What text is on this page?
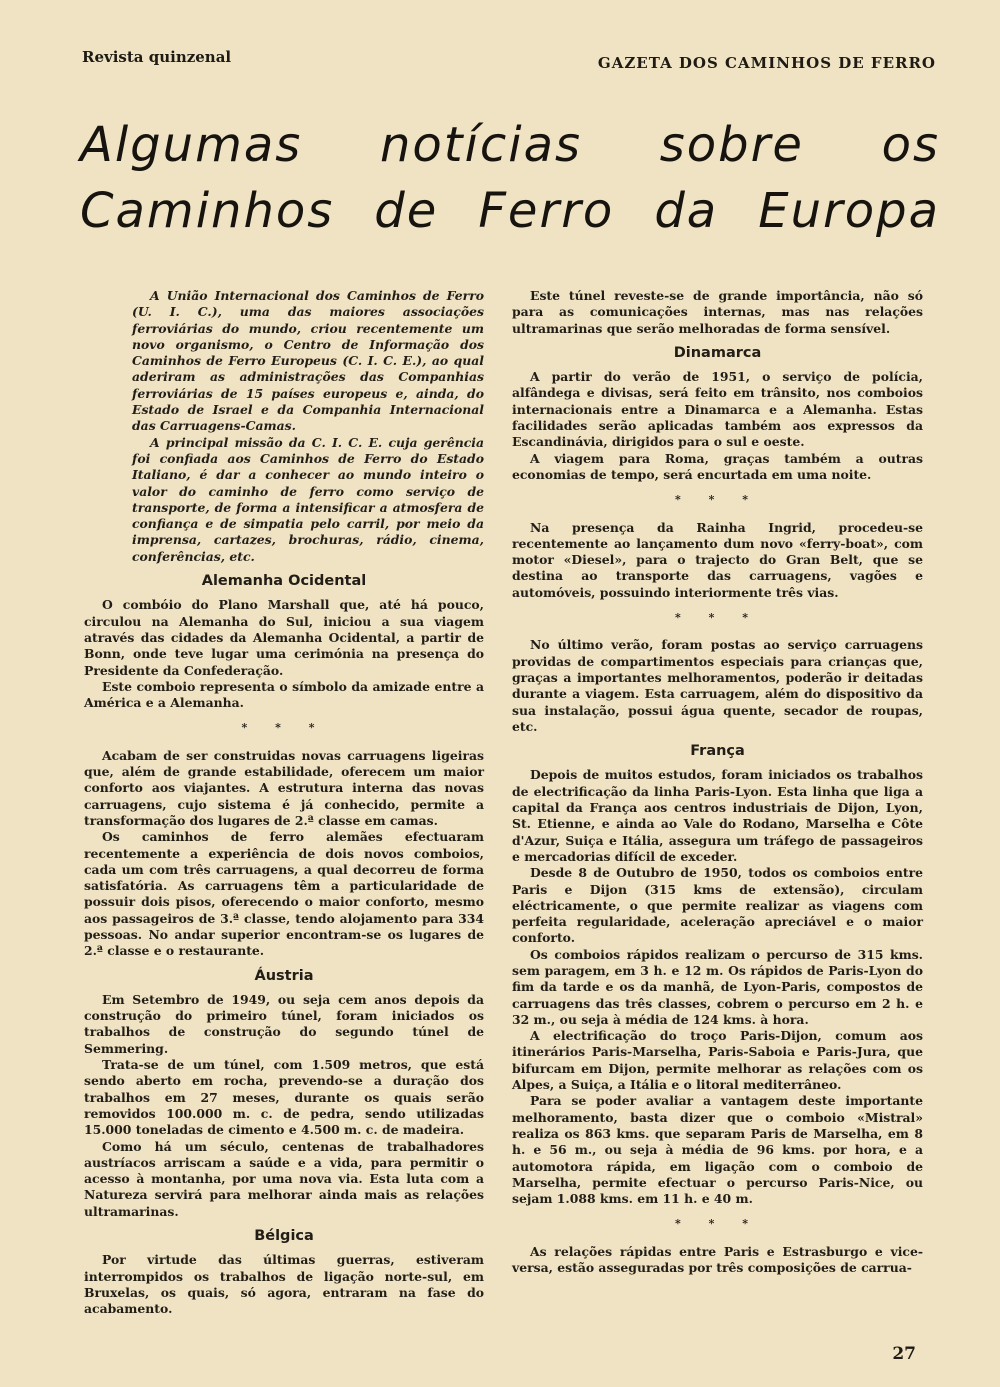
Revista quinzenal	GAZETA DOS CAMINHOS DE FERRO
Algumas notícias sobre os
Caminhos de Ferro da Europa

A União Internacional dos Caminhos de Ferro (U. I. C.), uma das maiores associações ferroviárias do mundo, criou recentemente um novo organismo, o Centro de Informação dos Caminhos de Ferro Europeus (C. I. C. E.), ao qual aderiram as administrações das Companhias ferroviárias de 15 países europeus e, ainda, do Estado de Israel e da Companhia Internacional das Carruagens-Camas.

A principal missão da C. I. C. E. cuja gerência foi confiada aos Caminhos de Ferro do Estado Italiano, é dar a conhecer ao mundo inteiro o valor do caminho de ferro como serviço de transporte, de forma a intensificar a atmosfera de confiança e de simpatia pelo carril, por meio da imprensa, cartazes, brochuras, rádio, cinema, conferências, etc.

Alemanha Ocidental

O combóio do Plano Marshall que, até há pouco, circulou na Alemanha do Sul, iniciou a sua viagem através das cidades da Alemanha Ocidental, a partir de Bonn, onde teve lugar uma cerimónia na presença do Presidente da Confederação.

Este comboio representa o símbolo da amizade entre a América e a Alemanha.

* * *

Acabam de ser construidas novas carruagens ligeiras que, além de grande estabilidade, oferecem um maior conforto aos viajantes. A estrutura interna das novas carruagens, cujo sistema é já conhecido, permite a transformação dos lugares de 2.ª classe em camas.

Os caminhos de ferro alemães efectuaram recentemente a experiência de dois novos comboios, cada um com três carruagens, a qual decorreu de forma satisfatória. As carruagens têm a particularidade de possuir dois pisos, oferecendo o maior conforto, mesmo aos passageiros de 3.ª classe, tendo alojamento para 334 pessoas. No andar superior encontram-se os lugares de 2.ª classe e o restaurante.

Áustria

Em Setembro de 1949, ou seja cem anos depois da construção do primeiro túnel, foram iniciados os trabalhos de construção do segundo túnel de Semmering.

Trata-se de um túnel, com 1.509 metros, que está sendo aberto em rocha, prevendo-se a duração dos trabalhos em 27 meses, durante os quais serão removidos 100.000 m. c. de pedra, sendo utilizadas 15.000 toneladas de cimento e 4.500 m. c. de madeira.

Como há um século, centenas de trabalhadores austríacos arriscam a saúde e a vida, para permitir o acesso à montanha, por uma nova via. Esta luta com a Natureza servirá para melhorar ainda mais as relações ultramarinas.

Bélgica

Por virtude das últimas guerras, estiveram interrompidos os trabalhos de ligação norte-sul, em Bruxelas, os quais, só agora, entraram na fase do acabamento.

Este túnel reveste-se de grande importância, não só para as comunicações internas, mas nas relações ultramarinas que serão melhoradas de forma sensível.

Dinamarca

A partir do verão de 1951, o serviço de polícia, alfândega e divisas, será feito em trânsito, nos comboios internacionais entre a Dinamarca e a Alemanha. Estas facilidades serão aplicadas também aos expressos da Escandinávia, dirigidos para o sul e oeste.

A viagem para Roma, graças também a outras economias de tempo, será encurtada em uma noite.

* * *

Na presença da Rainha Ingrid, procedeu-se recentemente ao lançamento dum novo «ferry-boat», com motor «Diesel», para o trajecto do Gran Belt, que se destina ao transporte das carruagens, vagões e automóveis, possuindo interiormente três vias.

* * *

No último verão, foram postas ao serviço carruagens providas de compartimentos especiais para crianças que, graças a importantes melhoramentos, poderão ir deitadas durante a viagem. Esta carruagem, além do dispositivo da sua instalação, possui água quente, secador de roupas, etc.

França

Depois de muitos estudos, foram iniciados os trabalhos de electrificação da linha Paris-Lyon. Esta linha que liga a capital da França aos centros industriais de Dijon, Lyon, St. Etienne, e ainda ao Vale do Rodano, Marselha e Côte d'Azur, Suiça e Itália, assegura um tráfego de passageiros e mercadorias difícil de exceder.

Desde 8 de Outubro de 1950, todos os comboios entre Paris e Dijon (315 kms de extensão), circulam eléctricamente, o que permite realizar as viagens com perfeita regularidade, aceleração apreciável e o maior conforto.

Os comboios rápidos realizam o percurso de 315 kms. sem paragem, em 3 h. e 12 m. Os rápidos de Paris-Lyon do fim da tarde e os da manhã, de Lyon-Paris, compostos de carruagens das três classes, cobrem o percurso em 2 h. e 32 m., ou seja à média de 124 kms. à hora.

A electrificação do troço Paris-Dijon, comum aos itinerários Paris-Marselha, Paris-Saboia e Paris-Jura, que bifurcam em Dijon, permite melhorar as relações com os Alpes, a Suiça, a Itália e o litoral mediterrâneo.

Para se poder avaliar a vantagem deste importante melhoramento, basta dizer que o comboio «Mistral» realiza os 863 kms. que separam Paris de Marselha, em 8 h. e 56 m., ou seja à média de 96 kms. por hora, e a automotora rápida, em ligação com o comboio de Marselha, permite efectuar o percurso Paris-Nice, ou sejam 1.088 kms. em 11 h. e 40 m.

* * *

As relações rápidas entre Paris e Estrasburgo e vice-versa, estão asseguradas por três composições de carrua-

27
